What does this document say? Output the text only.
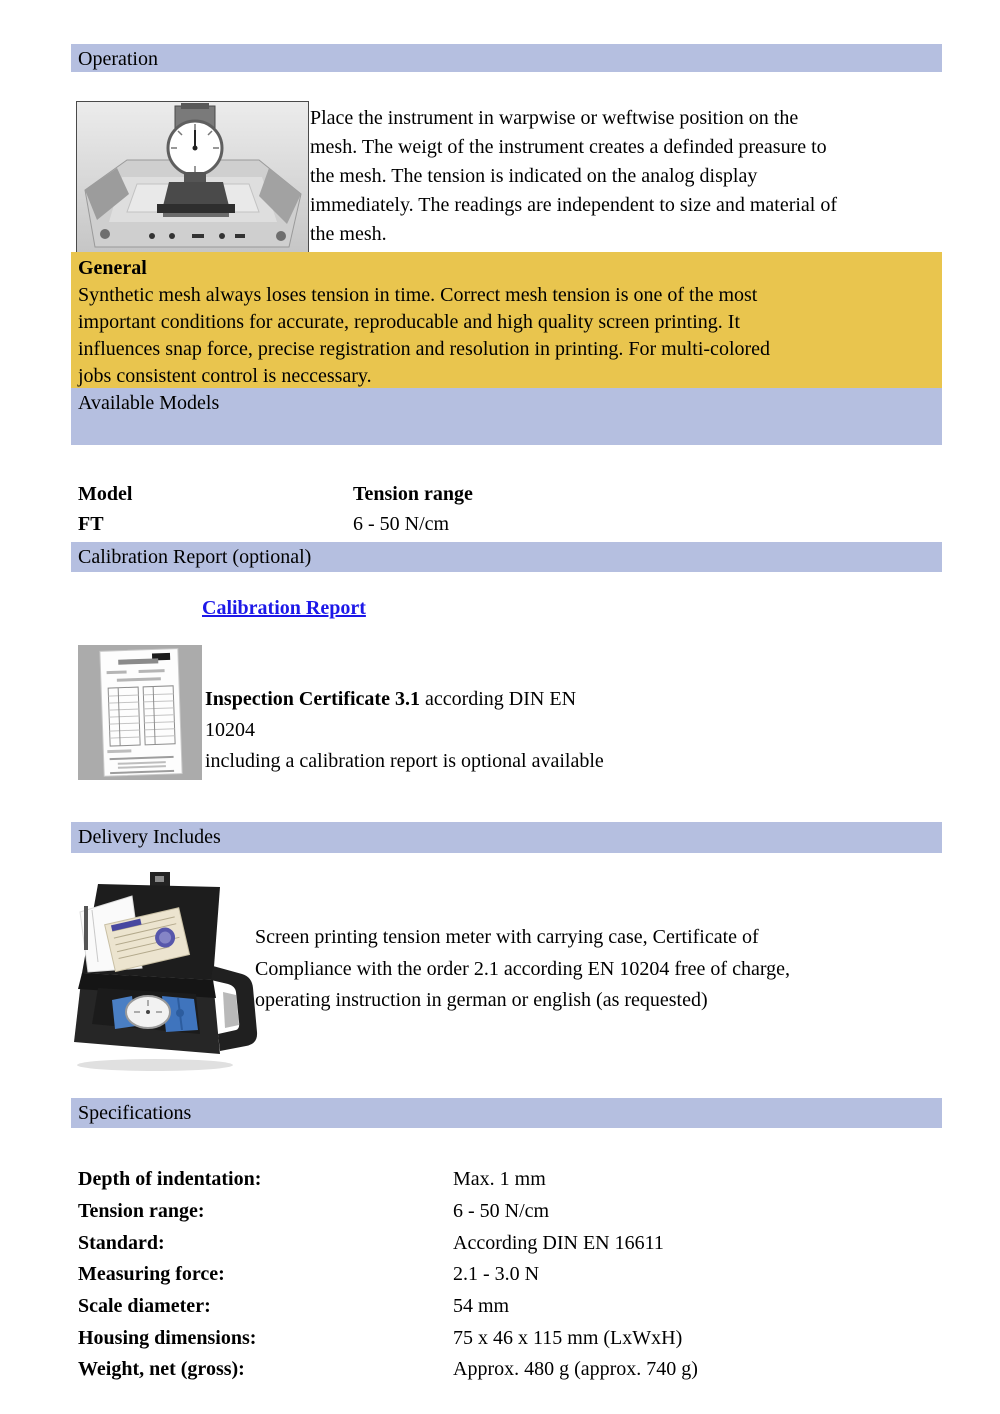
Operation
Place the instrument in warpwise or weftwise position on the
mesh. The weigt of the instrument creates a definded preasure to
the mesh. The tension is indicated on the analog display
immediately. The readings are independent to size and material of
the mesh.
General
Synthetic mesh always loses tension in time. Correct mesh tension is one of the most
important conditions for accurate, reproducable and high quality screen printing. It
influences snap force, precise registration and resolution in printing. For multi-colored
jobs consistent control is neccessary.
Available Models
Model	Tension range
FT	6 - 50 N/cm
Calibration Report (optional)
Calibration Report
Inspection Certificate 3.1 according DIN EN
10204
including a calibration report is optional available
Delivery Includes
Screen printing tension meter with carrying case, Certificate of
Compliance with the order 2.1 according EN 10204 free of charge,
operating instruction in german or english (as requested)
Specifications
Depth of indentation:	Max. 1 mm
Tension range:	6 - 50 N/cm
Standard:	According DIN EN 16611
Measuring force:	2.1 - 3.0 N
Scale diameter:	54 mm
Housing dimensions:	75 x 46 x 115 mm (LxWxH)
Weight, net (gross):	Approx. 480 g (approx. 740 g)
